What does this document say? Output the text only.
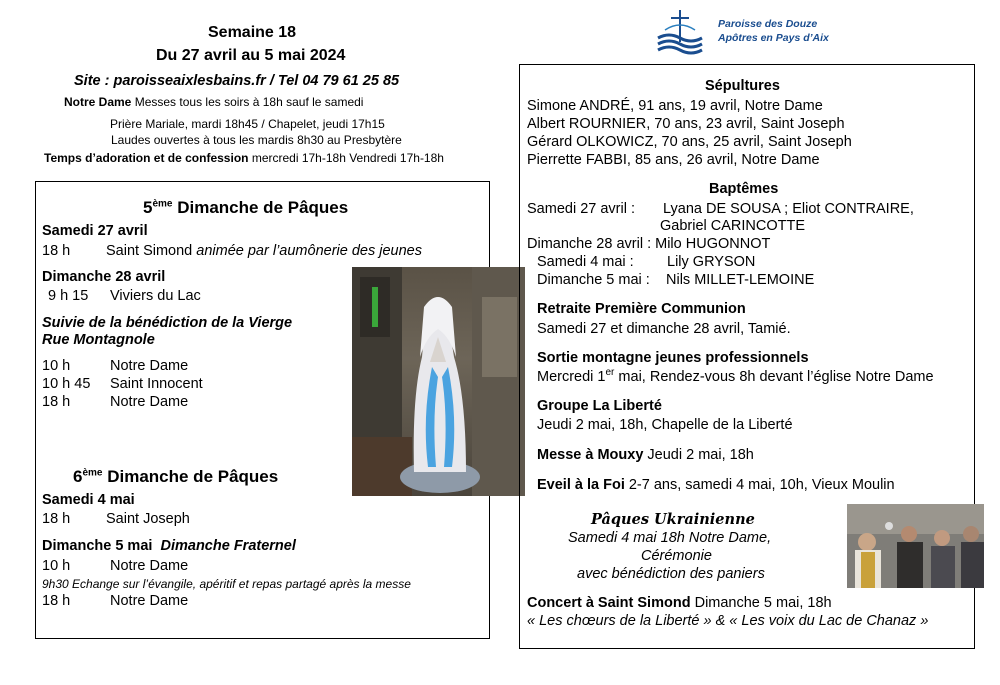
Semaine 18
Du 27 avril au 5 mai 2024
Site : paroisseaixlesbains.fr / Tel 04 79 61 25 85
Notre Dame Messes tous les soirs à 18h sauf le samedi
Prière Mariale, mardi 18h45 / Chapelet, jeudi 17h15
Laudes ouvertes à tous les mardis 8h30 au Presbytère
Temps d’adoration et de confession mercredi 17h-18h Vendredi 17h-18h
Paroisse des Douze
Apôtres en Pays d’Aix
5ème Dimanche de Pâques
Samedi 27 avril
18 h Saint Simond animée par l’aumônerie des jeunes
Dimanche 28 avril
9 h 15 Viviers du Lac
Suivie de la bénédiction de la Vierge
Rue Montagnole
10 h	Notre Dame
10 h 45 Saint Innocent
18 h	Notre Dame
6ème Dimanche de Pâques
Samedi 4 mai
18 h Saint Joseph
Dimanche 5 mai Dimanche Fraternel
10 h	Notre Dame
9h30 Echange sur l’évangile, apéritif et repas partagé après la messe
18 h	Notre Dame
Sépultures
Simone ANDRÉ, 91 ans, 19 avril, Notre Dame
Albert ROURNIER, 70 ans, 23 avril, Saint Joseph
Gérard OLKOWICZ, 70 ans, 25 avril, Saint Joseph
Pierrette FABBI, 85 ans, 26 avril, Notre Dame
Baptêmes
Samedi 27 avril : Lyana DE SOUSA ; Eliot CONTRAIRE,
Gabriel CARINCOTTE
Dimanche 28 avril : Milo HUGONNOT
Samedi 4 mai : Lily GRYSON
Dimanche 5 mai : Nils MILLET-LEMOINE
Retraite Première Communion
Samedi 27 et dimanche 28 avril, Tamié.
Sortie montagne jeunes professionnels
Mercredi 1er mai, Rendez-vous 8h devant l’église Notre Dame
Groupe La Liberté
Jeudi 2 mai, 18h, Chapelle de la Liberté
Messe à Mouxy Jeudi 2 mai, 18h
Eveil à la Foi 2-7 ans, samedi 4 mai, 10h, Vieux Moulin
Pâques Ukrainienne
Samedi 4 mai 18h Notre Dame,
Cérémonie
avec bénédiction des paniers
Concert à Saint Simond Dimanche 5 mai, 18h
« Les chœurs de la Liberté » & « Les voix du Lac de Chanaz »
